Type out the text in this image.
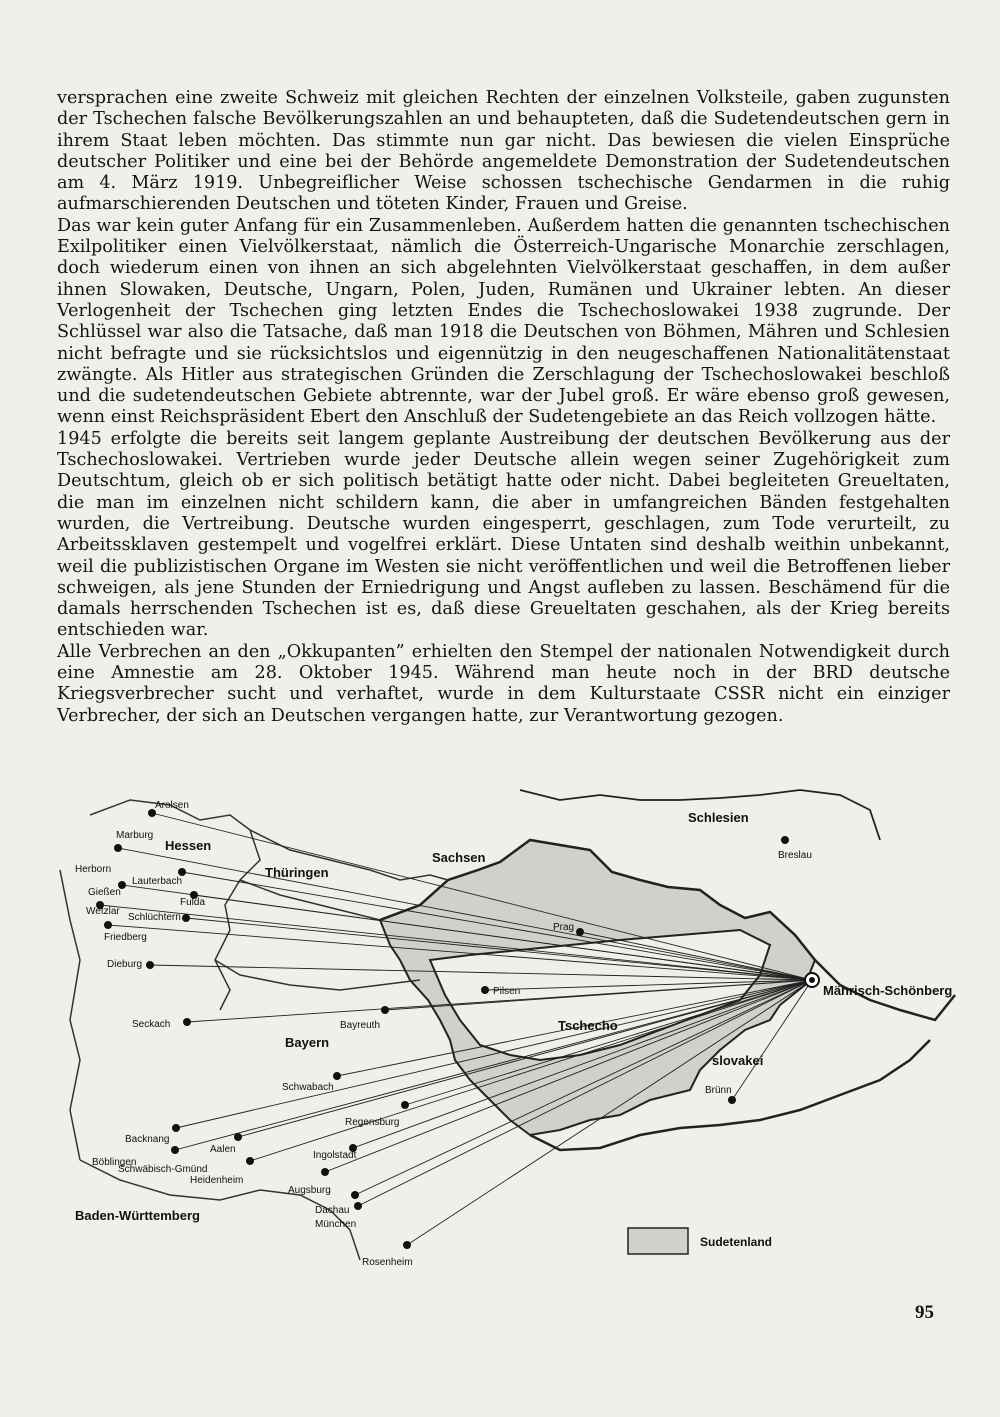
versprachen eine zweite Schweiz mit gleichen Rechten der einzelnen Volksteile, gaben zugunsten der Tschechen falsche Bevölkerungszahlen an und behaupteten, daß die Sudetendeutschen gern in ihrem Staat leben möchten. Das stimmte nun gar nicht. Das bewiesen die vielen Einsprüche deutscher Politiker und eine bei der Behörde angemeldete Demonstration der Sudetendeutschen am 4. März 1919. Unbegreiflicher Weise schossen tschechische Gendarmen in die ruhig aufmarschierenden Deutschen und töteten Kinder, Frauen und Greise.

Das war kein guter Anfang für ein Zusammenleben. Außerdem hatten die genannten tschechischen Exilpolitiker einen Vielvölkerstaat, nämlich die Österreich-Ungarische Monarchie zerschlagen, doch wiederum einen von ihnen an sich abgelehnten Vielvölkerstaat geschaffen, in dem außer ihnen Slowaken, Deutsche, Ungarn, Polen, Juden, Rumänen und Ukrainer lebten. An dieser Verlogenheit der Tschechen ging letzten Endes die Tschechoslowakei 1938 zugrunde. Der Schlüssel war also die Tatsache, daß man 1918 die Deutschen von Böhmen, Mähren und Schlesien nicht befragte und sie rücksichtslos und eigennützig in den neugeschaffenen Nationalitätenstaat zwängte. Als Hitler aus strategischen Gründen die Zerschlagung der Tschechoslowakei beschloß und die sudetendeutschen Gebiete abtrennte, war der Jubel groß. Er wäre ebenso groß gewesen, wenn einst Reichspräsident Ebert den Anschluß der Sudetengebiete an das Reich vollzogen hätte.

1945 erfolgte die bereits seit langem geplante Austreibung der deutschen Bevölkerung aus der Tschechoslowakei. Vertrieben wurde jeder Deutsche allein wegen seiner Zugehörigkeit zum Deutschtum, gleich ob er sich politisch betätigt hatte oder nicht. Dabei begleiteten Greueltaten, die man im einzelnen nicht schildern kann, die aber in umfangreichen Bänden festgehalten wurden, die Vertreibung. Deutsche wurden eingesperrt, geschlagen, zum Tode verurteilt, zu Arbeitssklaven gestempelt und vogelfrei erklärt. Diese Untaten sind deshalb weithin unbekannt, weil die publizistischen Organe im Westen sie nicht veröffentlichen und weil die Betroffenen lieber schweigen, als jene Stunden der Erniedrigung und Angst aufleben zu lassen. Beschämend für die damals herrschenden Tschechen ist es, daß diese Greueltaten geschahen, als der Krieg bereits entschieden war.

Alle Verbrechen an den „Okkupanten” erhielten den Stempel der nationalen Notwendigkeit durch eine Amnestie am 28. Oktober 1945. Während man heute noch in der BRD deutsche Kriegsverbrecher sucht und verhaftet, wurde in dem Kulturstaate CSSR nicht ein einziger Verbrecher, der sich an Deutschen vergangen hatte, zur Verantwortung gezogen.

Hessen
Thüringen
Sachsen
Schlesien
Bayern
Baden-Württemberg
Tschecho
slovakei
Mährisch-Schönberg
Arolsen
Marburg
Herborn
Lauterbach
Gießen
Fulda
Wetzlar
Schlüchtern
Friedberg
Dieburg
Seckach	Bayreuth
Schwabach
Regensburg
Backnang
Böblingen
Schwäbisch-Gmünd
Aalen
Heidenheim
Ingolstadt
Augsburg
Dachau
München
Rosenheim
Prag
Pilsen
Brünn
Breslau
Sudetenland
95
